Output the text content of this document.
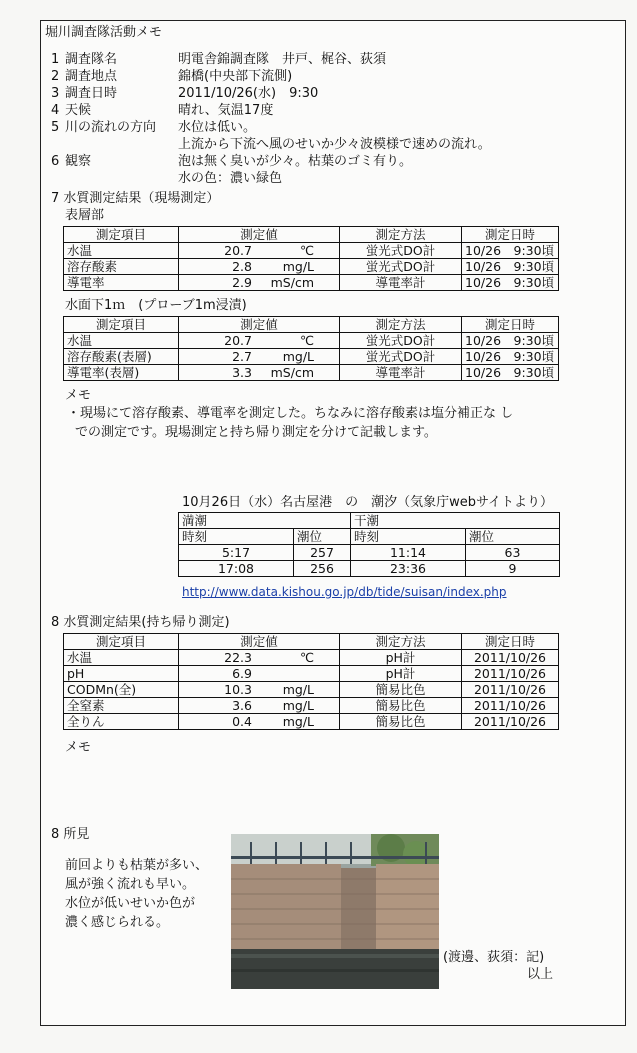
堀川調査隊活動メモ
1 調査隊名	明電舎錦調査隊　井戸、梶谷、荻須
2 調査地点	錦橋(中央部下流側)
3 調査日時	2011/10/26(水)　9:30
4 天候	晴れ、気温17度
5 川の流れの方向 水位は低い。
上流から下流へ風のせいか少々波模様で速めの流れ。
6 観察	泡は無く臭いが少々。枯葉のゴミ有り。
水の色：濃い緑色
7 水質測定結果（現場測定）
表層部
測定項目	測定値	測定方法	測定日時
水温	20.7 ℃	蛍光式DO計	10/26　9:30頃
溶存酸素	2.8 mg/L	蛍光式DO計	10/26　9:30頃
導電率	2.9 mS/cm	導電率計	10/26　9:30頃
水面下1ｍ　(プローブ1m浸漬)
測定項目	測定値	測定方法	測定日時
水温	20.7 ℃	蛍光式DO計	10/26　9:30頃
溶存酸素(表層)	2.7 mg/L	蛍光式DO計	10/26　9:30頃
導電率(表層)	3.3 mS/cm	導電率計	10/26　9:30頃
メモ
・現場にて溶存酸素、導電率を測定した。ちなみに溶存酸素は塩分補正な し
での測定です。現場測定と持ち帰り測定を分けて記載します。
10月26日（水）名古屋港　の　潮汐（気象庁webサイトより）
満潮		干潮	
時刻	潮位	時刻	潮位
5:17	257	11:14	63
17:08	256	23:36	9
http://www.data.kishou.go.jp/db/tide/suisan/index.php
8 水質測定結果(持ち帰り測定)
測定項目	測定値	測定方法	測定日時
水温	22.3 ℃	pH計	2011/10/26
pH	6.9	pH計	2011/10/26
CODMn(全)	10.3 mg/L	簡易比色	2011/10/26
全窒素	3.6 mg/L	簡易比色	2011/10/26
全りん	0.4 mg/L	簡易比色	2011/10/26
メモ
8 所見
前回よりも枯葉が多い、
風が強く流れも早い。
水位が低いせいか色が
濃く感じられる。
(渡邊、荻須：記)
以上
